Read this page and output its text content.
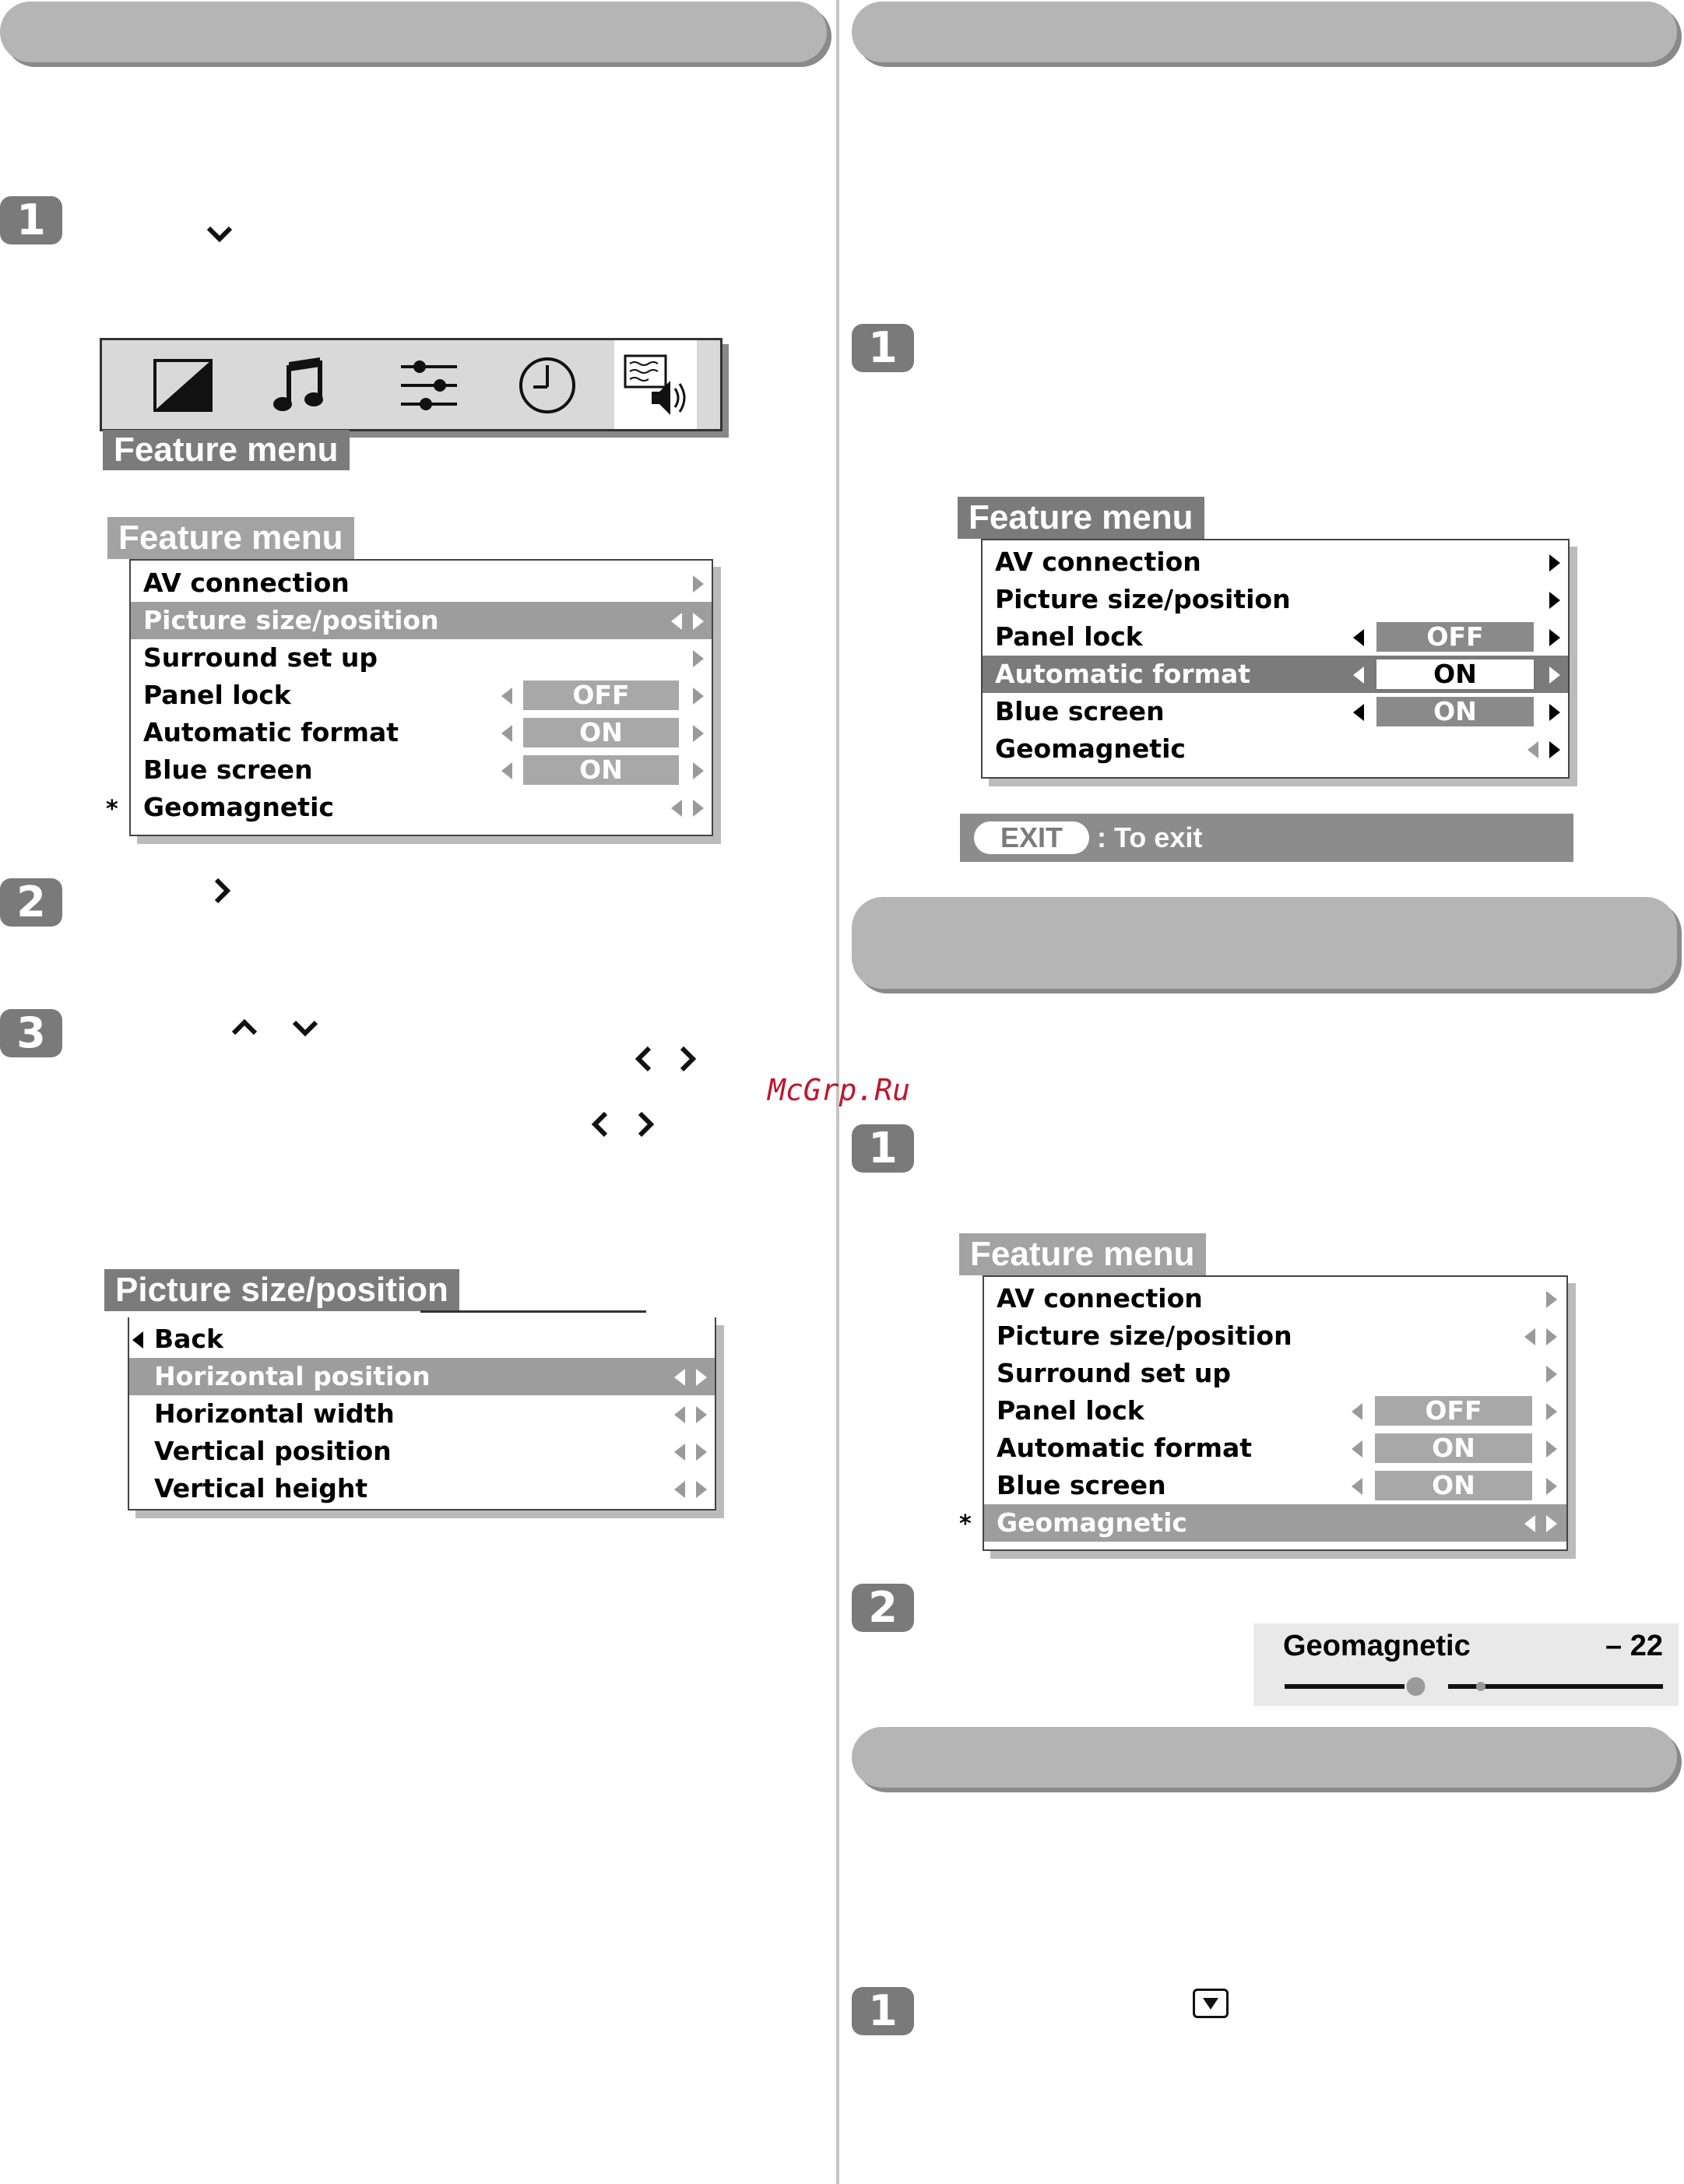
1
Feature menu
Feature menu
AV connection
Picture size/position
Surround set up
Panel lock	OFF
Automatic format	ON
Blue screen	ON
Geomagnetic
*
2
3
Picture size/position
Back
Horizontal position
Horizontal width
Vertical position
Vertical height
McGrp.Ru
1
Feature menu
AV connection
Picture size/position
Panel lock	OFF
Automatic format	ON
Blue screen	ON
Geomagnetic
EXIT	: To exit
1
Feature menu
AV connection
Picture size/position
Surround set up
Panel lock	OFF
Automatic format	ON
Blue screen	ON
Geomagnetic
*
2
Geomagnetic	– 22
1
